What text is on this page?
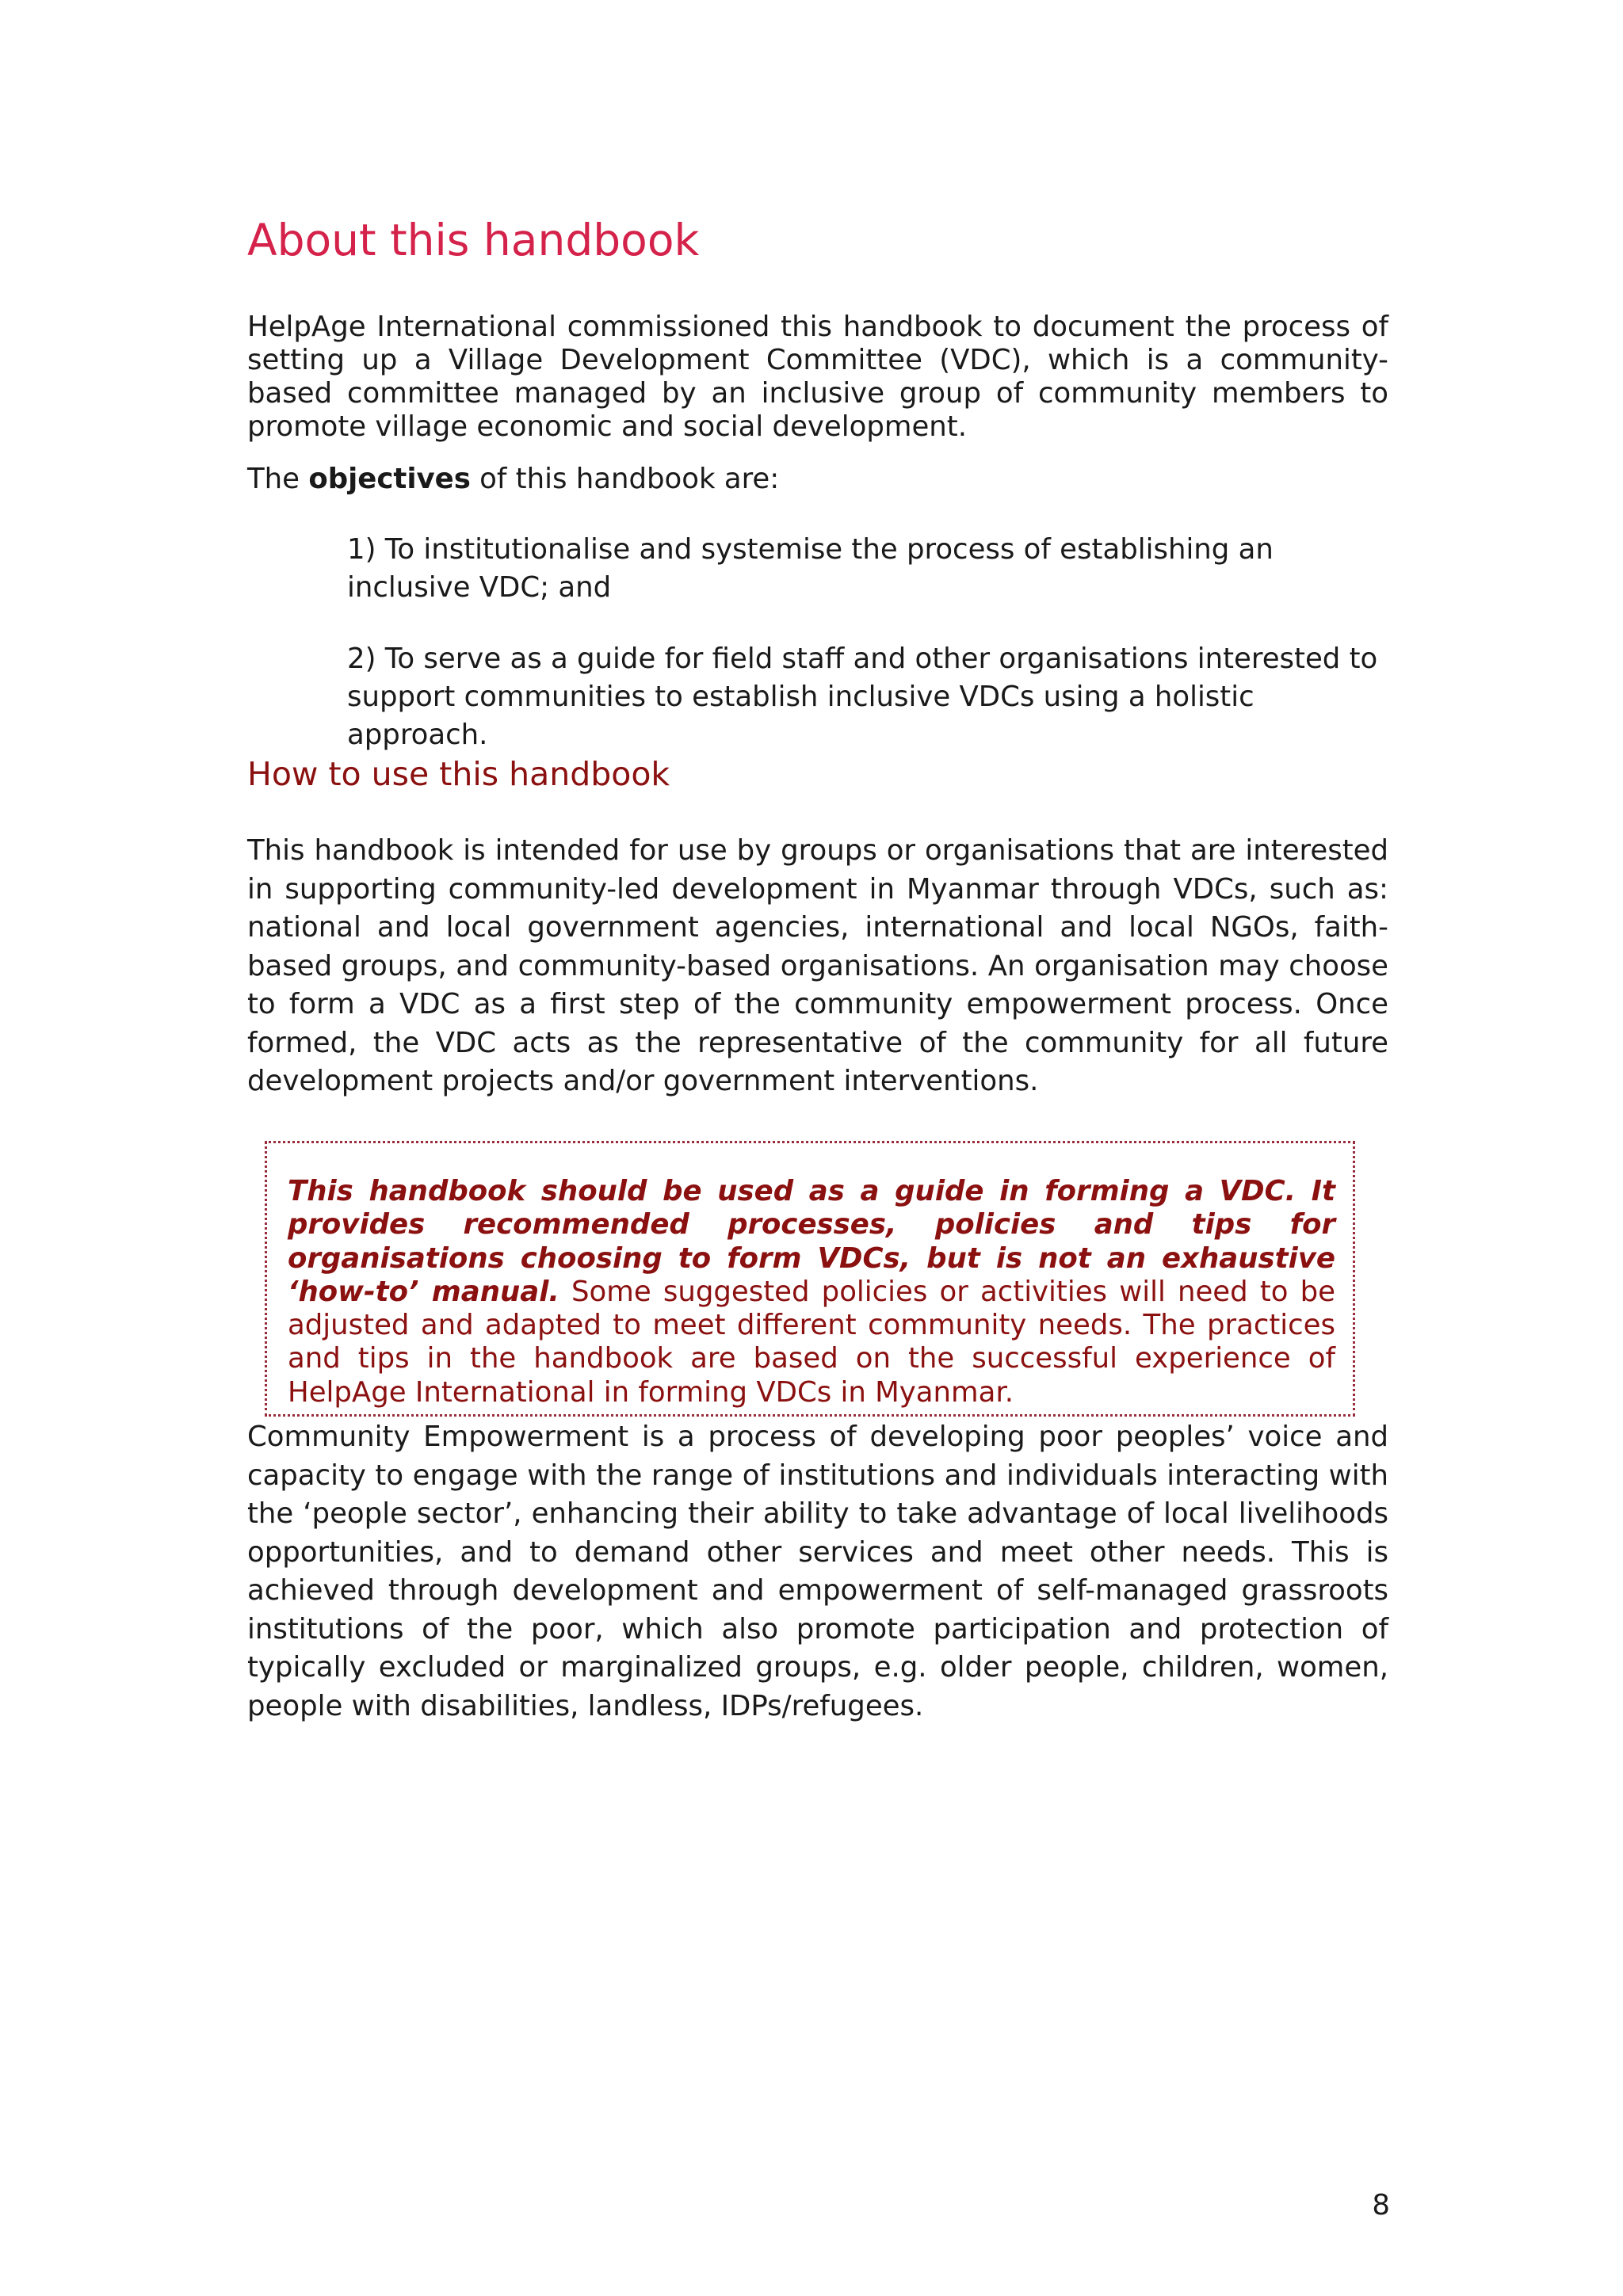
About this handbook

HelpAge International commissioned this handbook to document the process of setting up a Village Development Committee (VDC), which is a community-based committee managed by an inclusive group of community members to promote village economic and social development.

The objectives of this handbook are:

1) To institutionalise and systemise the process of establishing an inclusive VDC; and
2) To serve as a guide for field staff and other organisations interested to support communities to establish inclusive VDCs using a holistic approach.
How to use this handbook

This handbook is intended for use by groups or organisations that are interested in supporting community-led development in Myanmar through VDCs, such as: national and local government agencies, international and local NGOs, faith-based groups, and community-based organisations. An organisation may choose to form a VDC as a first step of the community empowerment process. Once formed, the VDC acts as the representative of the community for all future development projects and/or government interventions.

This handbook should be used as a guide in forming a VDC. It provides recommended processes, policies and tips for organisations choosing to form VDCs, but is not an exhaustive ‘how-to’ manual. Some suggested policies or activities will need to be adjusted and adapted to meet different community needs. The practices and tips in the handbook are based on the successful experience of HelpAge International in forming VDCs in Myanmar.

Community Empowerment is a process of developing poor peoples’ voice and capacity to engage with the range of institutions and individuals interacting with the ‘people sector’, enhancing their ability to take advantage of local livelihoods opportunities, and to demand other services and meet other needs. This is achieved through development and empowerment of self-managed grassroots institutions of the poor, which also promote participation and protection of typically excluded or marginalized groups, e.g. older people, children, women, people with disabilities, landless, IDPs/refugees.

8
